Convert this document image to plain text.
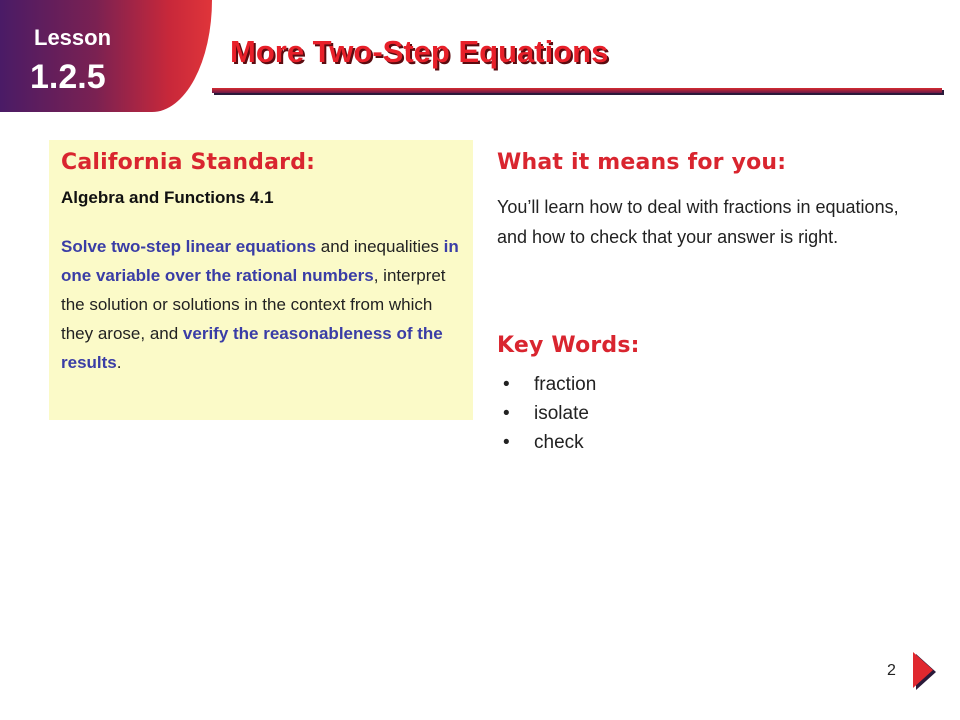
Lesson
1.2.5
More Two-Step Equations
California Standard:
Algebra and Functions 4.1
Solve two-step linear equations and inequalities in one variable over the rational numbers, interpret the solution or solutions in the context from which they arose, and verify the reasonableness of the results.
What it means for you:
You’ll learn how to deal with fractions in equations, and how to check that your answer is right.
Key Words:
• fraction
• isolate
• check
2
